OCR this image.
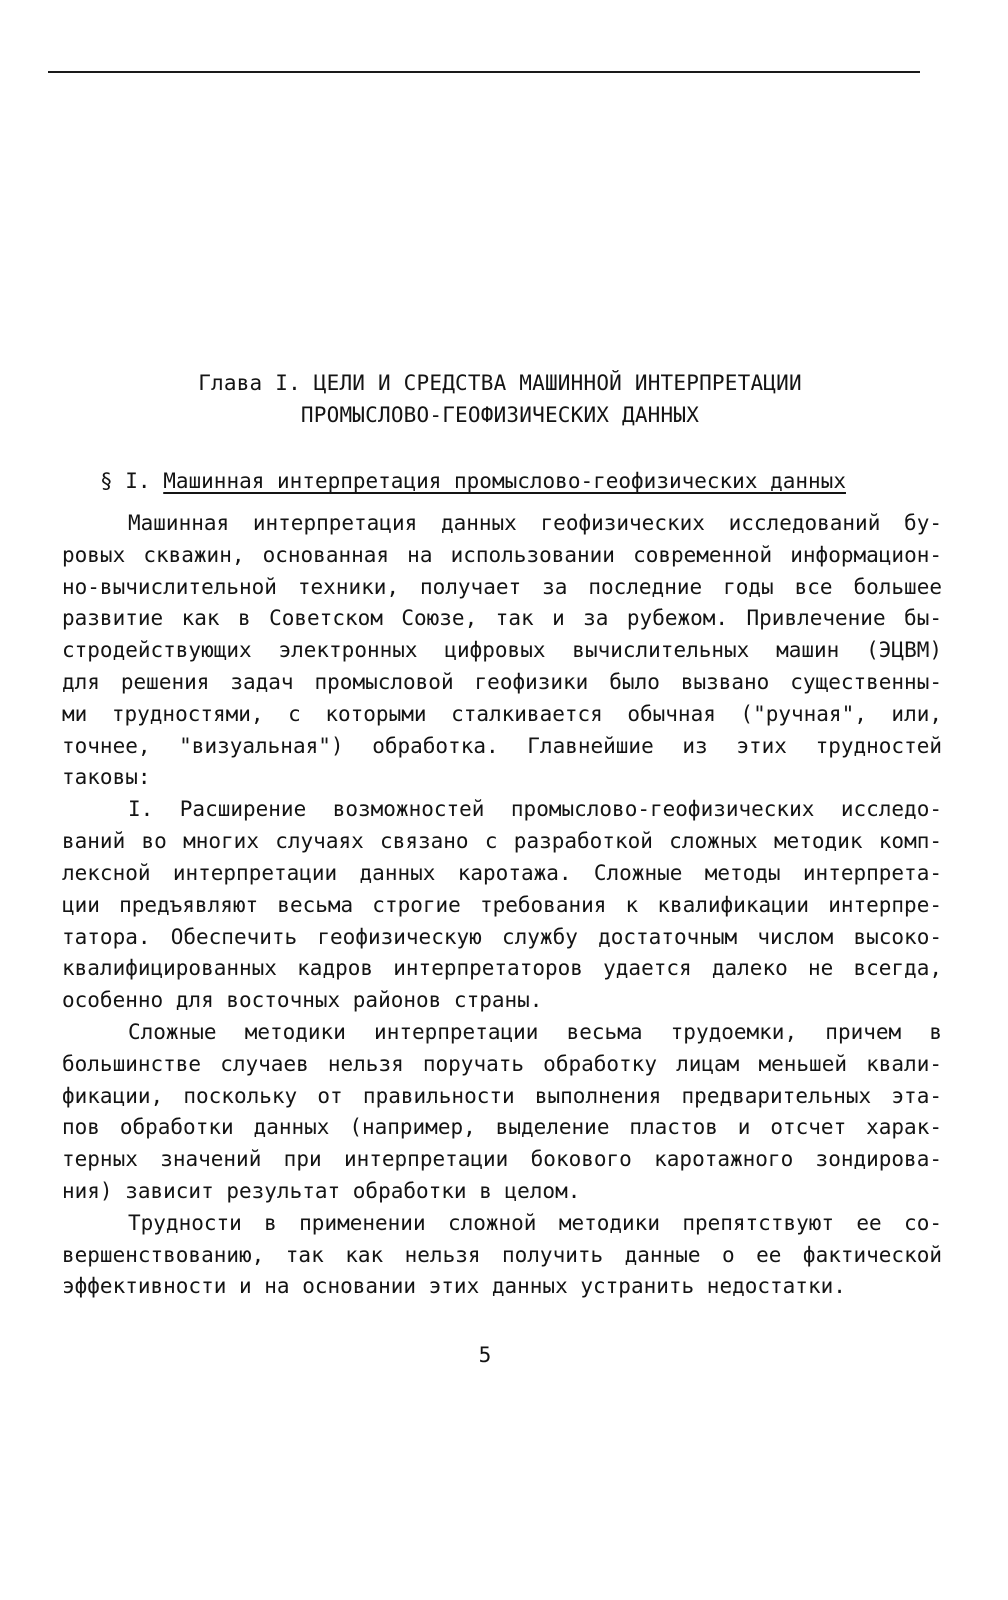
Глава I. ЦЕЛИ И СРЕДСТВА МАШИННОЙ ИНТЕРПРЕТАЦИИ
ПРОМЫСЛОВО-ГЕОФИЗИЧЕСКИХ ДАННЫХ
§ I. Машинная интерпретация промыслово-геофизических данных
Машинная интерпретация данных геофизических исследований бу-
ровых скважин, основанная на использовании современной информацион-
но-вычислительной техники, получает за последние годы все большее
развитие как в Советском Союзе, так и за рубежом. Привлечение бы-
стродействующих электронных цифровых вычислительных машин (ЭЦВМ)
для решения задач промысловой геофизики было вызвано существенны-
ми трудностями, с которыми сталкивается обычная ("ручная", или,
точнее, "визуальная") обработка. Главнейшие из этих трудностей
таковы:
I. Расширение возможностей промыслово-геофизических исследо-
ваний во многих случаях связано с разработкой сложных методик комп-
лексной интерпретации данных каротажа. Сложные методы интерпрета-
ции предъявляют весьма строгие требования к квалификации интерпре-
татора. Обеспечить геофизическую службу достаточным числом высоко-
квалифицированных кадров интерпретаторов удается далеко не всегда,
особенно для восточных районов страны.
Сложные методики интерпретации весьма трудоемки, причем в
большинстве случаев нельзя поручать обработку лицам меньшей квали-
фикации, поскольку от правильности выполнения предварительных эта-
пов обработки данных (например, выделение пластов и отсчет харак-
терных значений при интерпретации бокового каротажного зондирова-
ния) зависит результат обработки в целом.
Трудности в применении сложной методики препятствуют ее со-
вершенствованию, так как нельзя получить данные о ее фактической
эффективности и на основании этих данных устранить недостатки.
5
